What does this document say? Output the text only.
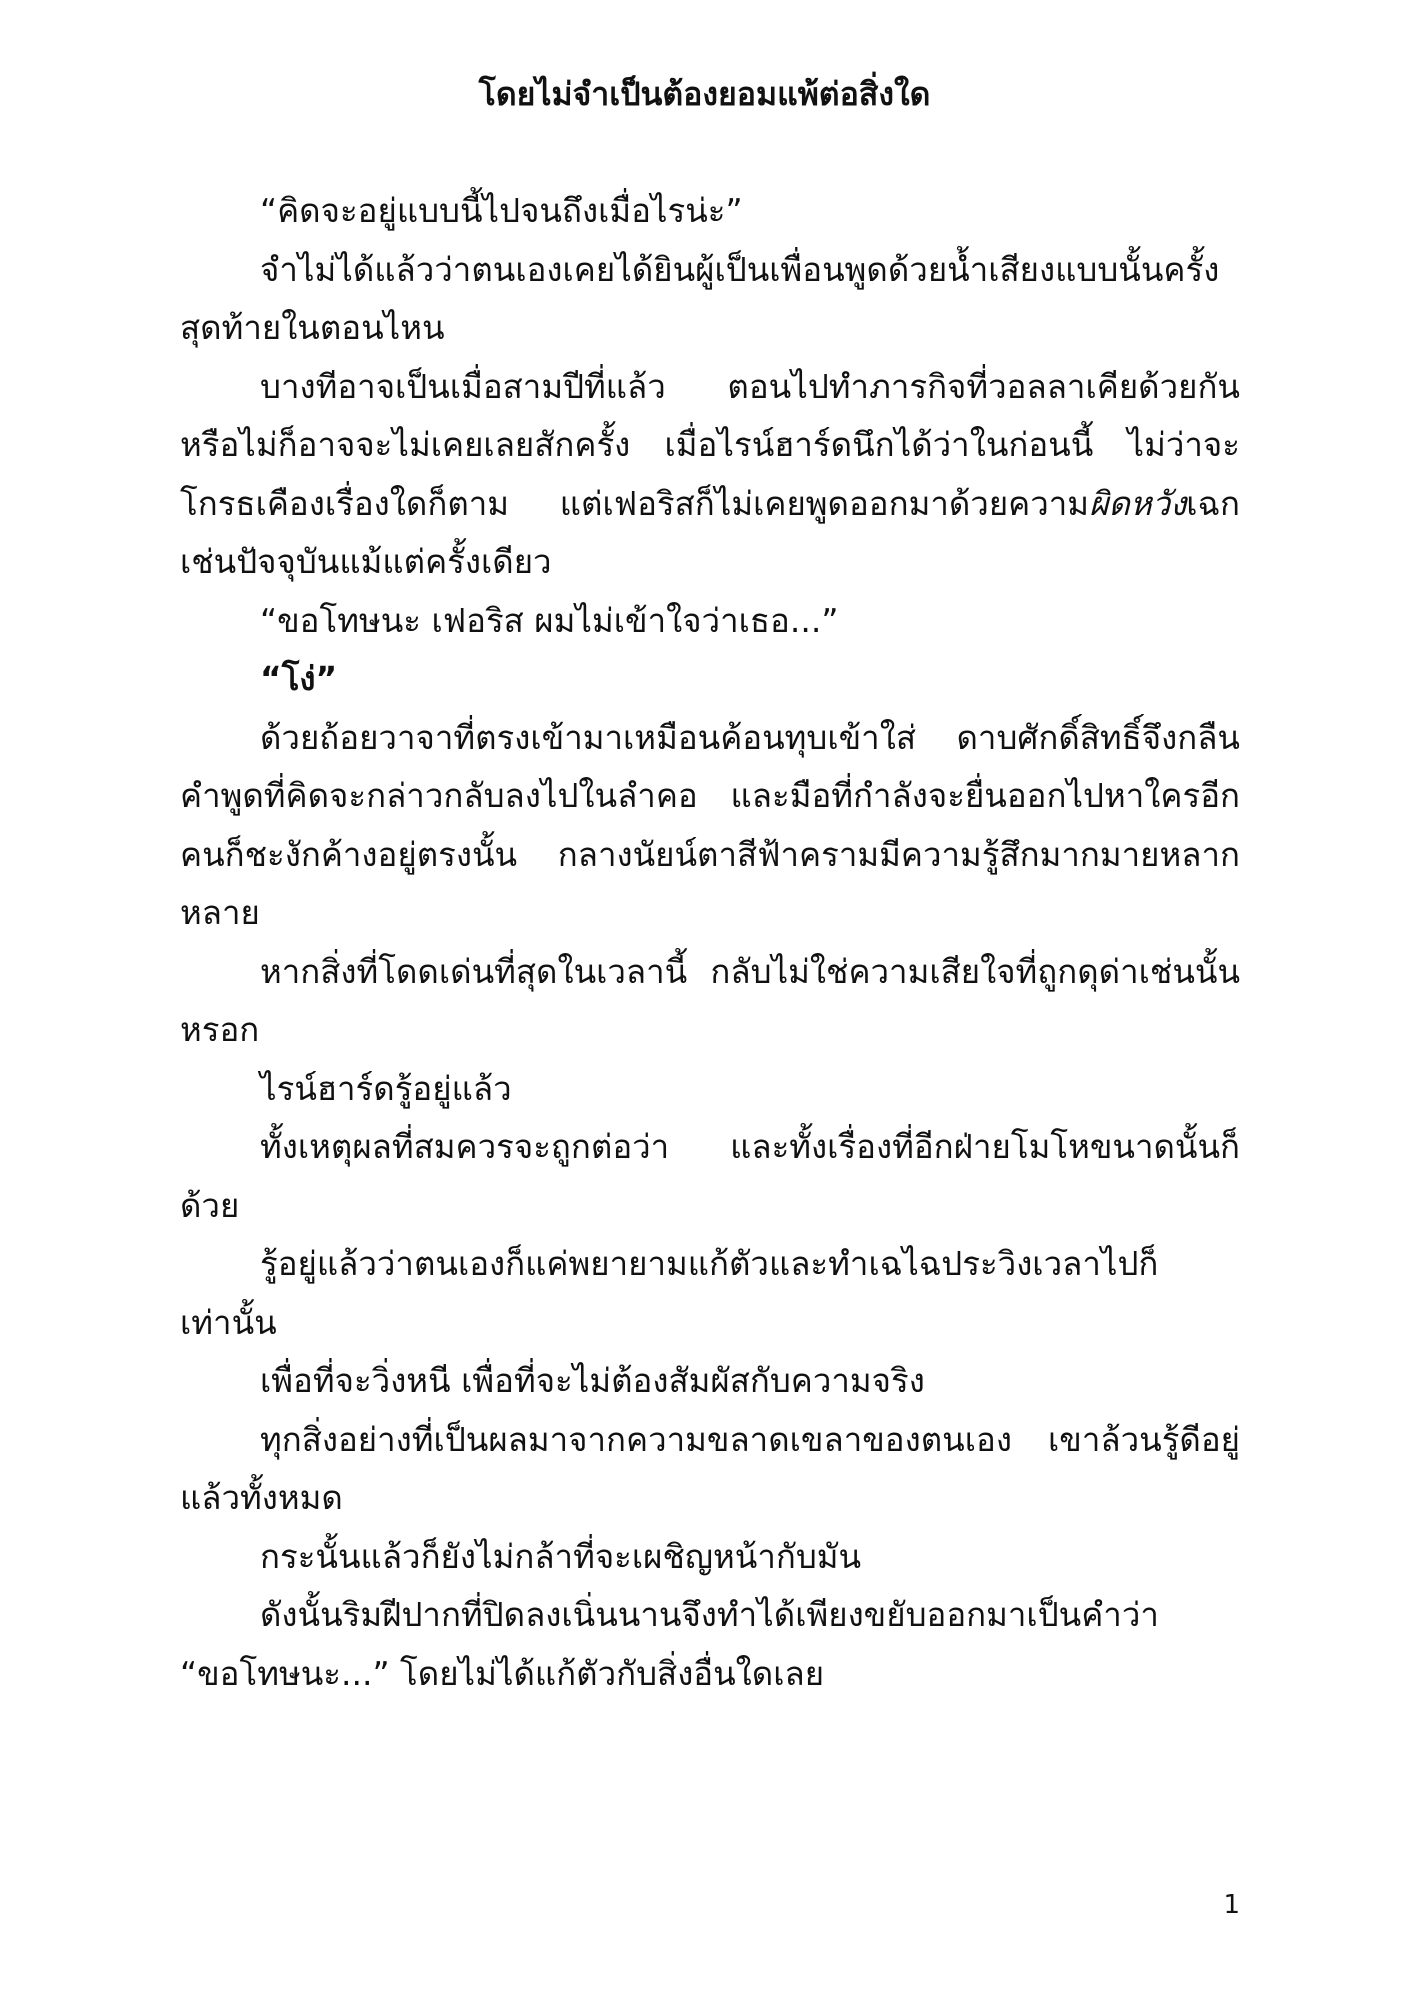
โดยไม่จำเป็นต้องยอมแพ้ต่อสิ่งใด

“คิดจะอยู่แบบนี้ไปจนถึงเมื่อไรน่ะ”

จำไม่ได้แล้วว่าตนเองเคยได้ยินผู้เป็นเพื่อนพูดด้วยน้ำเสียงแบบนั้นครั้งสุดท้ายในตอนไหน

บางทีอาจเป็นเมื่อสามปีที่แล้ว ตอนไปทำภารกิจที่วอลลาเคียด้วยกัน หรือไม่ก็อาจจะไม่เคยเลยสักครั้ง เมื่อไรน์ฮาร์ดนึกได้ว่าในก่อนนี้ ไม่ว่าจะโกรธเคืองเรื่องใดก็ตาม แต่เฟอริสก็ไม่เคยพูดออกมาด้วยความผิดหวังเฉกเช่นปัจจุบันแม้แต่ครั้งเดียว

“ขอโทษนะ เฟอริส ผมไม่เข้าใจว่าเธอ...”

“โง่”

ด้วยถ้อยวาจาที่ตรงเข้ามาเหมือนค้อนทุบเข้าใส่ ดาบศักดิ์สิทธิ์จึงกลืนคำพูดที่คิดจะกล่าวกลับลงไปในลำคอ และมือที่กำลังจะยื่นออกไปหาใครอีกคนก็ชะงักค้างอยู่ตรงนั้น กลางนัยน์ตาสีฟ้าครามมีความรู้สึกมากมายหลากหลาย

หากสิ่งที่โดดเด่นที่สุดในเวลานี้ กลับไม่ใช่ความเสียใจที่ถูกดุด่าเช่นนั้นหรอก

ไรน์ฮาร์ดรู้อยู่แล้ว

ทั้งเหตุผลที่สมควรจะถูกต่อว่า และทั้งเรื่องที่อีกฝ่ายโมโหขนาดนั้นก็ด้วย

รู้อยู่แล้วว่าตนเองก็แค่พยายามแก้ตัวและทำเฉไฉประวิงเวลาไปก็เท่านั้น

เพื่อที่จะวิ่งหนี เพื่อที่จะไม่ต้องสัมผัสกับความจริง

ทุกสิ่งอย่างที่เป็นผลมาจากความขลาดเขลาของตนเอง เขาล้วนรู้ดีอยู่แล้วทั้งหมด

กระนั้นแล้วก็ยังไม่กล้าที่จะเผชิญหน้ากับมัน

ดังนั้นริมฝีปากที่ปิดลงเนิ่นนานจึงทำได้เพียงขยับออกมาเป็นคำว่า “ขอโทษนะ...” โดยไม่ได้แก้ตัวกับสิ่งอื่นใดเลย

1
